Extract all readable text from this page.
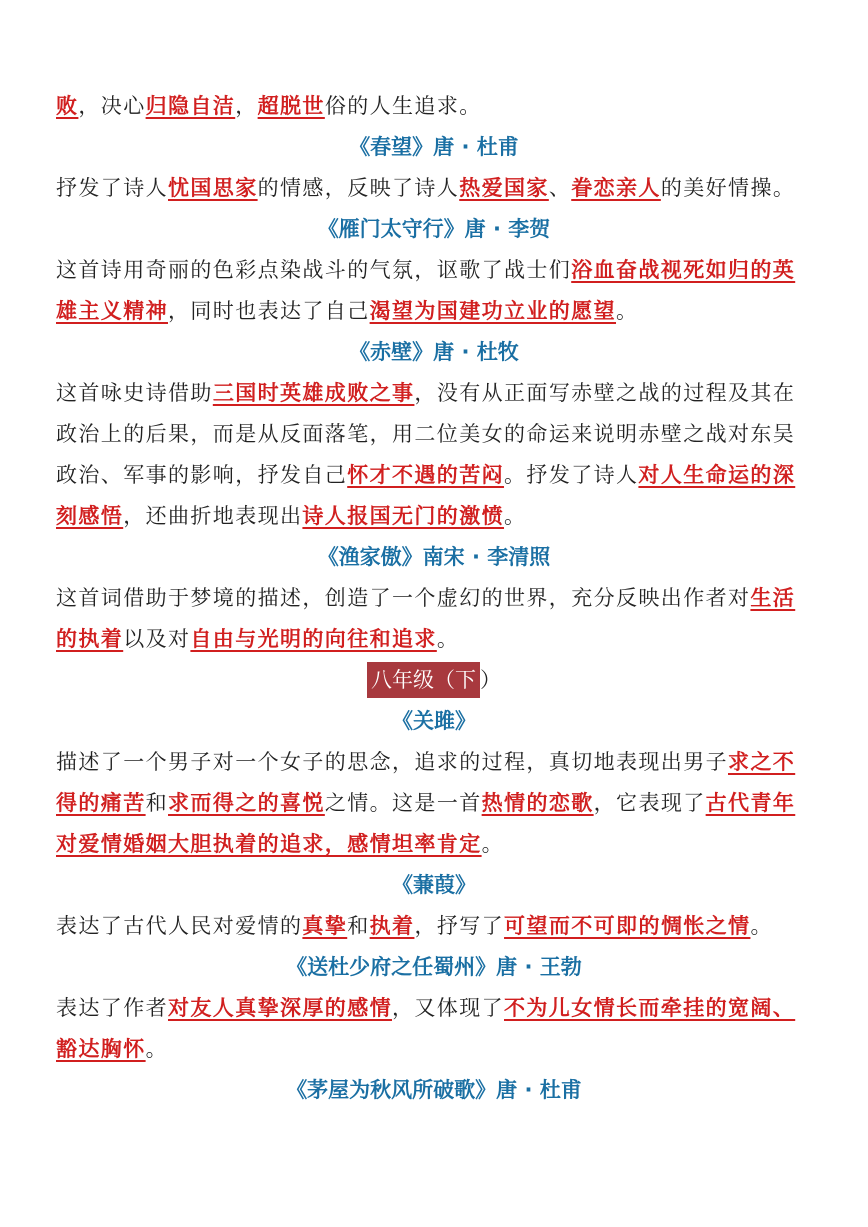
败，决心归隐自洁，超脱世俗的人生追求。

《春望》唐 · 杜甫

抒发了诗人忧国思家的情感，反映了诗人热爱国家、眷恋亲人的美好情操。

《雁门太守行》唐 · 李贺

这首诗用奇丽的色彩点染战斗的气氛，讴歌了战士们浴血奋战视死如归的英雄主义精神，同时也表达了自己渴望为国建功立业的愿望。

《赤壁》唐 · 杜牧

这首咏史诗借助三国时英雄成败之事，没有从正面写赤壁之战的过程及其在政治上的后果，而是从反面落笔，用二位美女的命运来说明赤壁之战对东吴政治、军事的影响，抒发自己怀才不遇的苦闷。抒发了诗人对人生命运的深刻感悟，还曲折地表现出诗人报国无门的激愤。

《渔家傲》南宋 · 李清照

这首词借助于梦境的描述，创造了一个虚幻的世界，充分反映出作者对生活的执着以及对自由与光明的向往和追求。

八年级（下 ）
《关雎》

描述了一个男子对一个女子的思念，追求的过程，真切地表现出男子求之不得的痛苦和求而得之的喜悦之情。这是一首热情的恋歌，它表现了古代青年对爱情婚姻大胆执着的追求，感情坦率肯定。

《蒹葭》

表达了古代人民对爱情的真挚和执着，抒写了可望而不可即的惆怅之情。

《送杜少府之任蜀州》唐 · 王勃

表达了作者对友人真挚深厚的感情，又体现了不为儿女情长而牵挂的宽阔、豁达胸怀。

《茅屋为秋风所破歌》唐 · 杜甫
